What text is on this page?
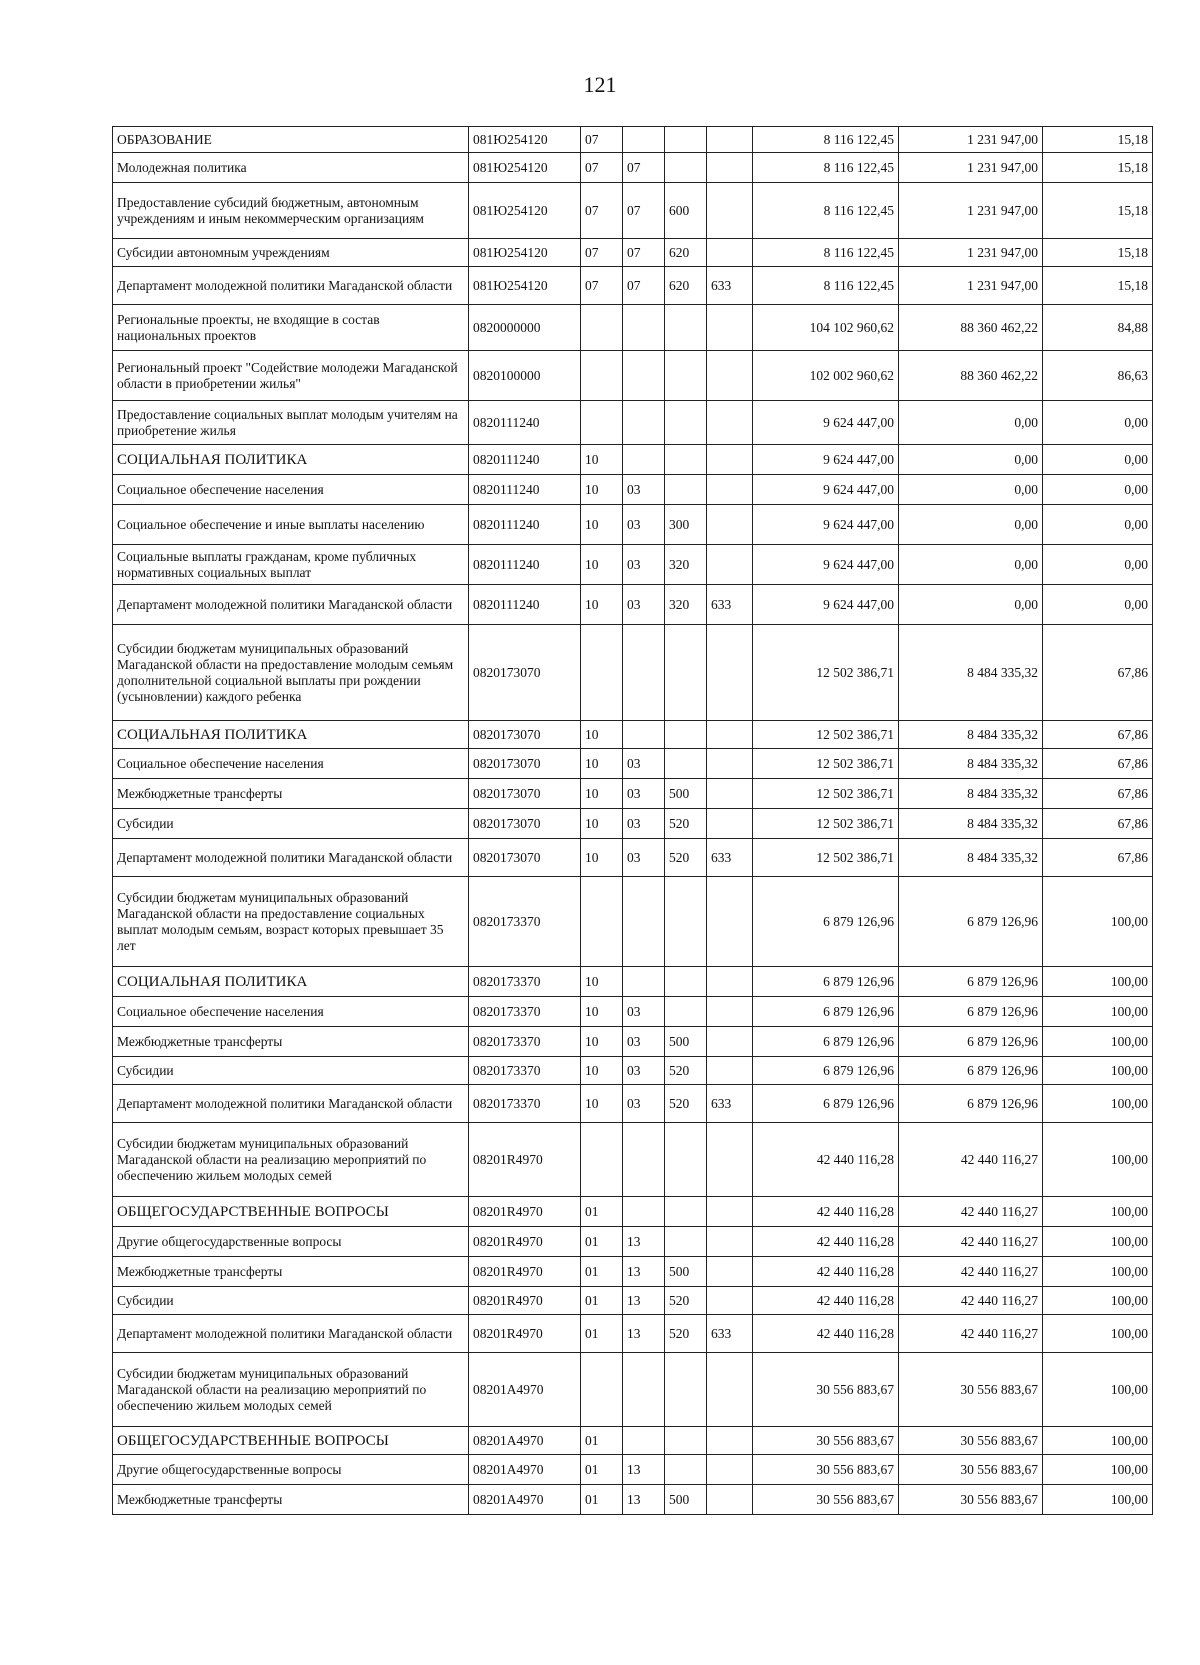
121
ОБРАЗОВАНИЕ	081Ю254120	07				8 116 122,45	1 231 947,00	15,18
Молодежная политика	081Ю254120	07	07			8 116 122,45	1 231 947,00	15,18
Предоставление субсидий бюджетным, автономным учреждениям и иным некоммерческим организациям	081Ю254120	07	07	600		8 116 122,45	1 231 947,00	15,18
Субсидии автономным учреждениям	081Ю254120	07	07	620		8 116 122,45	1 231 947,00	15,18
Департамент молодежной политики Магаданской области	081Ю254120	07	07	620	633	8 116 122,45	1 231 947,00	15,18
Региональные проекты, не входящие в состав национальных проектов	0820000000					104 102 960,62	88 360 462,22	84,88
Региональный проект "Содействие молодежи Магаданской области в приобретении жилья"	0820100000					102 002 960,62	88 360 462,22	86,63
Предоставление социальных выплат молодым учителям на приобретение жилья	0820111240					9 624 447,00	0,00	0,00
СОЦИАЛЬНАЯ ПОЛИТИКА	0820111240	10				9 624 447,00	0,00	0,00
Социальное обеспечение населения	0820111240	10	03			9 624 447,00	0,00	0,00
Социальное обеспечение и иные выплаты населению	0820111240	10	03	300		9 624 447,00	0,00	0,00
Социальные выплаты гражданам, кроме публичных нормативных социальных выплат	0820111240	10	03	320		9 624 447,00	0,00	0,00
Департамент молодежной политики Магаданской области	0820111240	10	03	320	633	9 624 447,00	0,00	0,00
Субсидии бюджетам муниципальных образований Магаданской области на предоставление молодым семьям дополнительной социальной выплаты при рождении (усыновлении) каждого ребенка	0820173070					12 502 386,71	8 484 335,32	67,86
СОЦИАЛЬНАЯ ПОЛИТИКА	0820173070	10				12 502 386,71	8 484 335,32	67,86
Социальное обеспечение населения	0820173070	10	03			12 502 386,71	8 484 335,32	67,86
Межбюджетные трансферты	0820173070	10	03	500		12 502 386,71	8 484 335,32	67,86
Субсидии	0820173070	10	03	520		12 502 386,71	8 484 335,32	67,86
Департамент молодежной политики Магаданской области	0820173070	10	03	520	633	12 502 386,71	8 484 335,32	67,86
Субсидии бюджетам муниципальных образований Магаданской области на предоставление социальных выплат молодым семьям, возраст которых превышает 35 лет	0820173370					6 879 126,96	6 879 126,96	100,00
СОЦИАЛЬНАЯ ПОЛИТИКА	0820173370	10				6 879 126,96	6 879 126,96	100,00
Социальное обеспечение населения	0820173370	10	03			6 879 126,96	6 879 126,96	100,00
Межбюджетные трансферты	0820173370	10	03	500		6 879 126,96	6 879 126,96	100,00
Субсидии	0820173370	10	03	520		6 879 126,96	6 879 126,96	100,00
Департамент молодежной политики Магаданской области	0820173370	10	03	520	633	6 879 126,96	6 879 126,96	100,00
Субсидии бюджетам муниципальных образований Магаданской области на реализацию мероприятий по обеспечению жильем молодых семей	08201R4970					42 440 116,28	42 440 116,27	100,00
ОБЩЕГОСУДАРСТВЕННЫЕ ВОПРОСЫ	08201R4970	01				42 440 116,28	42 440 116,27	100,00
Другие общегосударственные вопросы	08201R4970	01	13			42 440 116,28	42 440 116,27	100,00
Межбюджетные трансферты	08201R4970	01	13	500		42 440 116,28	42 440 116,27	100,00
Субсидии	08201R4970	01	13	520		42 440 116,28	42 440 116,27	100,00
Департамент молодежной политики Магаданской области	08201R4970	01	13	520	633	42 440 116,28	42 440 116,27	100,00
Субсидии бюджетам муниципальных образований Магаданской области на реализацию мероприятий по обеспечению жильем молодых семей	08201A4970					30 556 883,67	30 556 883,67	100,00
ОБЩЕГОСУДАРСТВЕННЫЕ ВОПРОСЫ	08201A4970	01				30 556 883,67	30 556 883,67	100,00
Другие общегосударственные вопросы	08201A4970	01	13			30 556 883,67	30 556 883,67	100,00
Межбюджетные трансферты	08201A4970	01	13	500		30 556 883,67	30 556 883,67	100,00
